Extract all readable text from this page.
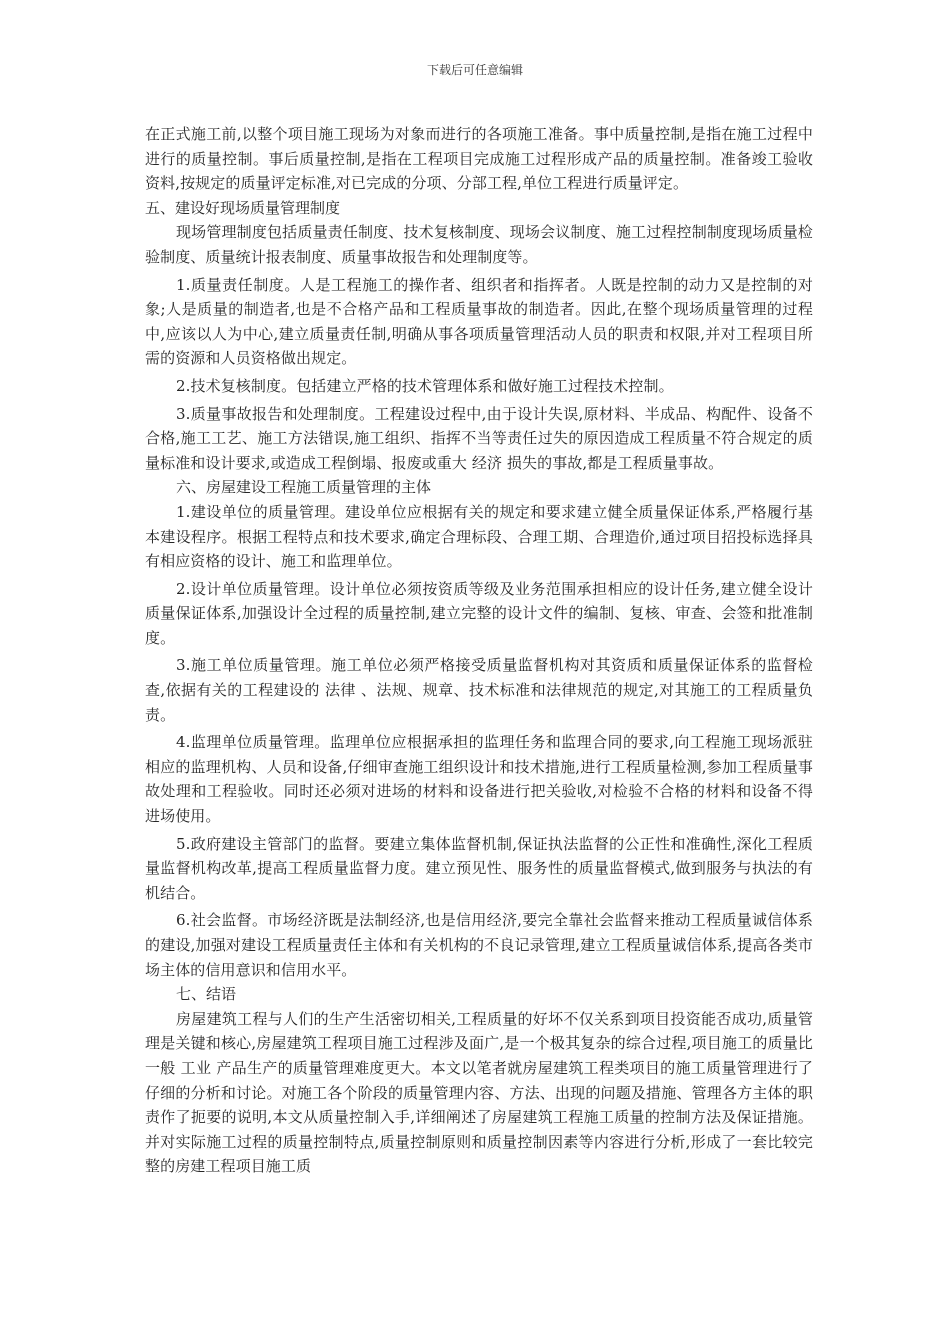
下载后可任意编辑

在正式施工前,以整个项目施工现场为对象而进行的各项施工准备。事中质量控制,是指在施工过程中进行的质量控制。事后质量控制,是指在工程项目完成施工过程形成产品的质量控制。准备竣工验收资料,按规定的质量评定标准,对已完成的分项、分部工程,单位工程进行质量评定。

五、建设好现场质量管理制度

现场管理制度包括质量责任制度、技术复核制度、现场会议制度、施工过程控制制度现场质量检验制度、质量统计报表制度、质量事故报告和处理制度等。

1.质量责任制度。人是工程施工的操作者、组织者和指挥者。人既是控制的动力又是控制的对象;人是质量的制造者,也是不合格产品和工程质量事故的制造者。因此,在整个现场质量管理的过程中,应该以人为中心,建立质量责任制,明确从事各项质量管理活动人员的职责和权限,并对工程项目所需的资源和人员资格做出规定。

2.技术复核制度。包括建立严格的技术管理体系和做好施工过程技术控制。

3.质量事故报告和处理制度。工程建设过程中,由于设计失误,原材料、半成品、构配件、设备不合格,施工工艺、施工方法错误,施工组织、指挥不当等责任过失的原因造成工程质量不符合规定的质量标准和设计要求,或造成工程倒塌、报废或重大 经济 损失的事故,都是工程质量事故。

六、房屋建设工程施工质量管理的主体

1.建设单位的质量管理。建设单位应根据有关的规定和要求建立健全质量保证体系,严格履行基本建设程序。根据工程特点和技术要求,确定合理标段、合理工期、合理造价,通过项目招投标选择具有相应资格的设计、施工和监理单位。

2.设计单位质量管理。设计单位必须按资质等级及业务范围承担相应的设计任务,建立健全设计质量保证体系,加强设计全过程的质量控制,建立完整的设计文件的编制、复核、审查、会签和批准制度。

3.施工单位质量管理。施工单位必须严格接受质量监督机构对其资质和质量保证体系的监督检查,依据有关的工程建设的 法律 、法规、规章、技术标准和法律规范的规定,对其施工的工程质量负责。

4.监理单位质量管理。监理单位应根据承担的监理任务和监理合同的要求,向工程施工现场派驻相应的监理机构、人员和设备,仔细审查施工组织设计和技术措施,进行工程质量检测,参加工程质量事故处理和工程验收。同时还必须对进场的材料和设备进行把关验收,对检验不合格的材料和设备不得进场使用。

5.政府建设主管部门的监督。要建立集体监督机制,保证执法监督的公正性和准确性,深化工程质量监督机构改革,提高工程质量监督力度。建立预见性、服务性的质量监督模式,做到服务与执法的有机结合。

6.社会监督。市场经济既是法制经济,也是信用经济,要完全靠社会监督来推动工程质量诚信体系的建设,加强对建设工程质量责任主体和有关机构的不良记录管理,建立工程质量诚信体系,提高各类市场主体的信用意识和信用水平。

七、结语

房屋建筑工程与人们的生产生活密切相关,工程质量的好坏不仅关系到项目投资能否成功,质量管理是关键和核心,房屋建筑工程项目施工过程涉及面广,是一个极其复杂的综合过程,项目施工的质量比一般 工业 产品生产的质量管理难度更大。本文以笔者就房屋建筑工程类项目的施工质量管理进行了仔细的分析和讨论。对施工各个阶段的质量管理内容、方法、出现的问题及措施、管理各方主体的职责作了扼要的说明,本文从质量控制入手,详细阐述了房屋建筑工程施工质量的控制方法及保证措施。并对实际施工过程的质量控制特点,质量控制原则和质量控制因素等内容进行分析,形成了一套比较完整的房建工程项目施工质
